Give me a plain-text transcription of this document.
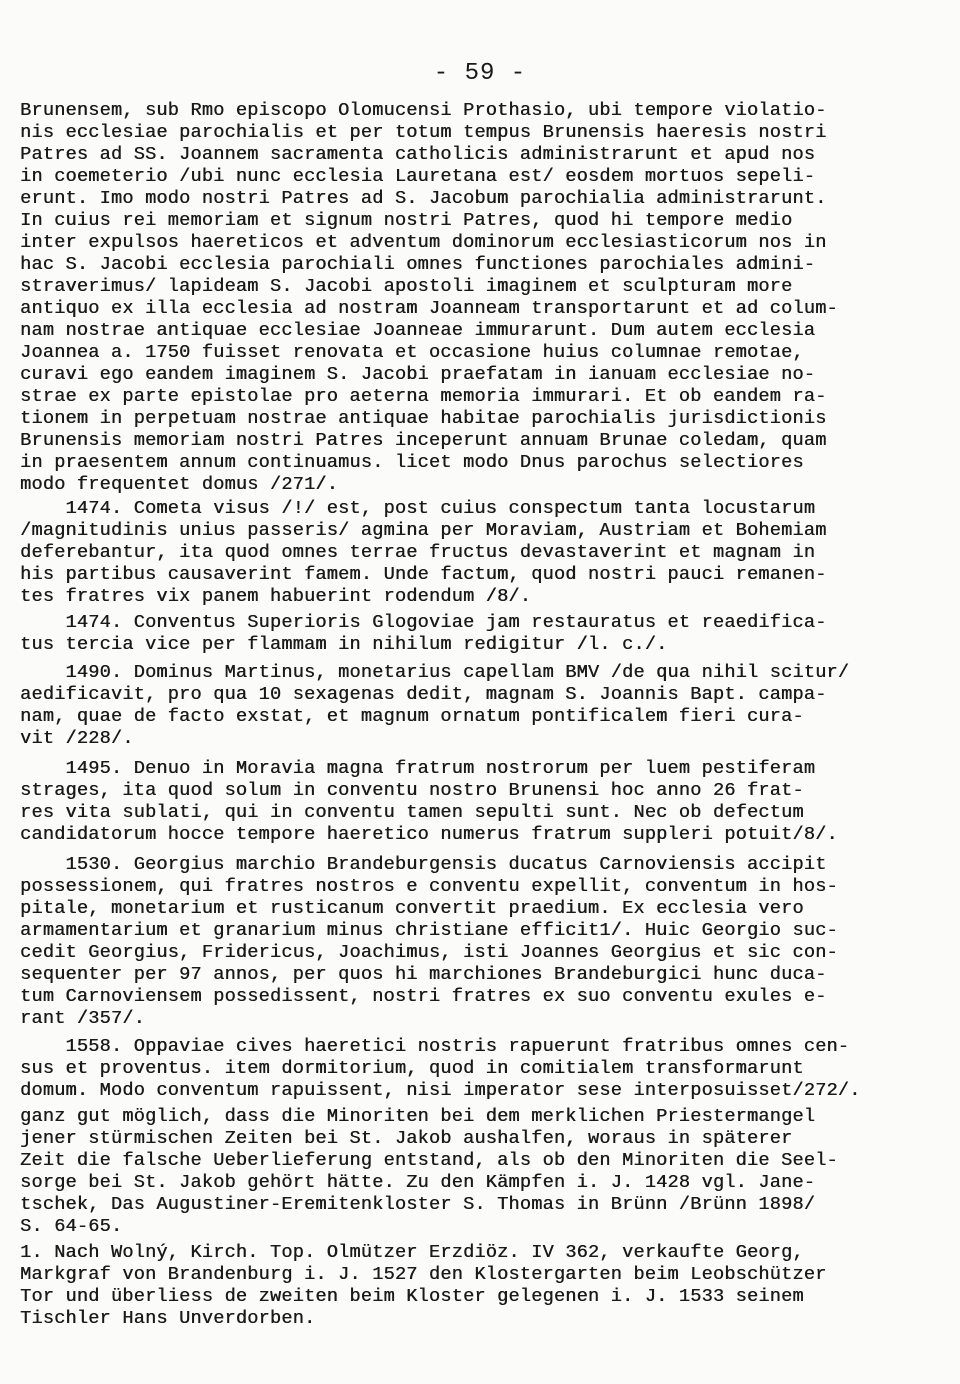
- 59 -
Brunensem, sub Rmo episcopo Olomucensi Prothasio, ubi tempore violatio-
nis ecclesiae parochialis et per totum tempus Brunensis haeresis nostri
Patres ad SS. Joannem sacramenta catholicis administrarunt et apud nos
in coemeterio /ubi nunc ecclesia Lauretana est/ eosdem mortuos sepeli-
erunt. Imo modo nostri Patres ad S. Jacobum parochialia administrarunt.
In cuius rei memoriam et signum nostri Patres, quod hi tempore medio
inter expulsos haereticos et adventum dominorum ecclesiasticorum nos in
hac S. Jacobi ecclesia parochiali omnes functiones parochiales admini-
straverimus/ lapideam S. Jacobi apostoli imaginem et sculpturam more
antiquo ex illa ecclesia ad nostram Joanneam transportarunt et ad colum-
nam nostrae antiquae ecclesiae Joanneae immurarunt. Dum autem ecclesia
Joannea a. 1750 fuisset renovata et occasione huius columnae remotae,
curavi ego eandem imaginem S. Jacobi praefatam in ianuam ecclesiae no-
strae ex parte epistolae pro aeterna memoria immurari. Et ob eandem ra-
tionem in perpetuam nostrae antiquae habitae parochialis jurisdictionis
Brunensis memoriam nostri Patres inceperunt annuam Brunae coledam, quam
in praesentem annum continuamus. licet modo Dnus parochus selectiores
modo frequentet domus /271/.
1474. Cometa visus /!/ est, post cuius conspectum tanta locustarum
/magnitudinis unius passeris/ agmina per Moraviam, Austriam et Bohemiam
deferebantur, ita quod omnes terrae fructus devastaverint et magnam in
his partibus causaverint famem. Unde factum, quod nostri pauci remanen-
tes fratres vix panem habuerint rodendum /8/.
1474. Conventus Superioris Glogoviae jam restauratus et reaedifica-
tus tercia vice per flammam in nihilum redigitur /l. c./.
1490. Dominus Martinus, monetarius capellam BMV /de qua nihil scitur/
aedificavit, pro qua 10 sexagenas dedit, magnam S. Joannis Bapt. campa-
nam, quae de facto exstat, et magnum ornatum pontificalem fieri cura-
vit /228/.
1495. Denuo in Moravia magna fratrum nostrorum per luem pestiferam
strages, ita quod solum in conventu nostro Brunensi hoc anno 26 frat-
res vita sublati, qui in conventu tamen sepulti sunt. Nec ob defectum
candidatorum hocce tempore haeretico numerus fratrum suppleri potuit/8/.
1530. Georgius marchio Brandeburgensis ducatus Carnoviensis accipit
possessionem, qui fratres nostros e conventu expellit, conventum in hos-
pitale, monetarium et rusticanum convertit praedium. Ex ecclesia vero
armamentarium et granarium minus christiane efficit1/. Huic Georgio suc-
cedit Georgius, Fridericus, Joachimus, isti Joannes Georgius et sic con-
sequenter per 97 annos, per quos hi marchiones Brandeburgici hunc duca-
tum Carnoviensem possedissent, nostri fratres ex suo conventu exules e-
rant /357/.
1558. Oppaviae cives haeretici nostris rapuerunt fratribus omnes cen-
sus et proventus. item dormitorium, quod in comitialem transformarunt
domum. Modo conventum rapuissent, nisi imperator sese interposuisset/272/.
ganz gut möglich, dass die Minoriten bei dem merklichen Priestermangel
jener stürmischen Zeiten bei St. Jakob aushalfen, woraus in späterer
Zeit die falsche Ueberlieferung entstand, als ob den Minoriten die Seel-
sorge bei St. Jakob gehört hätte. Zu den Kämpfen i. J. 1428 vgl. Jane-
tschek, Das Augustiner-Eremitenkloster S. Thomas in Brünn /Brünn 1898/
S. 64-65.
1. Nach Wolný, Kirch. Top. Olmützer Erzdiöz. IV 362, verkaufte Georg,
Markgraf von Brandenburg i. J. 1527 den Klostergarten beim Leobschützer
Tor und überliess de zweiten beim Kloster gelegenen i. J. 1533 seinem
Tischler Hans Unverdorben.
